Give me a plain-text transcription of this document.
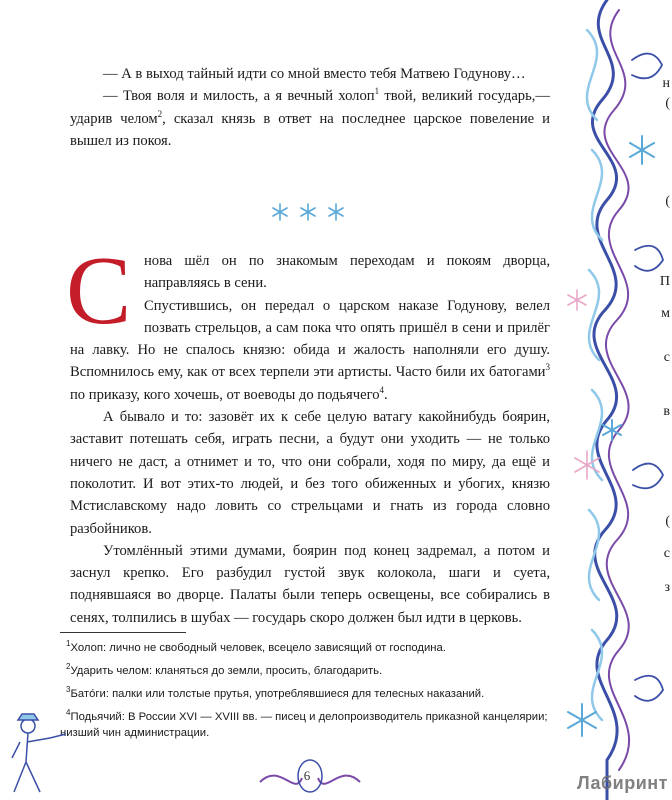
— А в выход тайный идти со мной вместо тебя Матвею Годунову…

— Твоя воля и милость, а я вечный холоп$^1$ твой, великий государь,— ударив челом$^2$, сказал князь в ответ на последнее царское повеление и вышел из покоя.

С нова шёл он по знакомым переходам и покоям дворца, направляясь в сени.

Спустившись, он передал о царском наказе Годунову, велел позвать стрельцов, а сам пока что опять пришёл в сени и прилёг на лавку. Но не спалось князю: обида и жалость наполняли его душу. Вспомнилось ему, как от всех терпели эти артисты. Часто били их батогами$^3$ по приказу, кого хочешь, от воеводы до подьячего$^4$.

А бывало и то: зазовёт их к себе целую ватагу какойнибудь боярин, заставит потешать себя, играть песни, а будут они уходить — не только ничего не даст, а отнимет и то, что они собрали, ходя по миру, да ещё и поколотит. И вот этих-то людей, и без того обиженных и убогих, князю Мстиславскому надо ловить со стрельцами и гнать из города словно разбойников.

Утомлённый этими думами, боярин под конец задремал, а потом и заснул крепко. Его разбудил густой звук колокола, шаги и суета, поднявшаяся во дворце. Палаты были теперь освещены, все собирались в сенях, толпились в шубах — государь скоро должен был идти в церковь.

$^1$Холоп: лично не свободный человек, всецело зависящий от господина.

$^2$Ударить челом: кланяться до земли, просить, благодарить.

$^3$Батóги: палки или толстые прутья, употреблявшиеся для телесных наказаний.

$^4$Подьячий: В России XVI — XVIII вв. — писец и делопроизводитель приказной канцелярии; низший чин администрации.

н
(
(
П
м
с
в
(
с
з
6	Лабиринт
